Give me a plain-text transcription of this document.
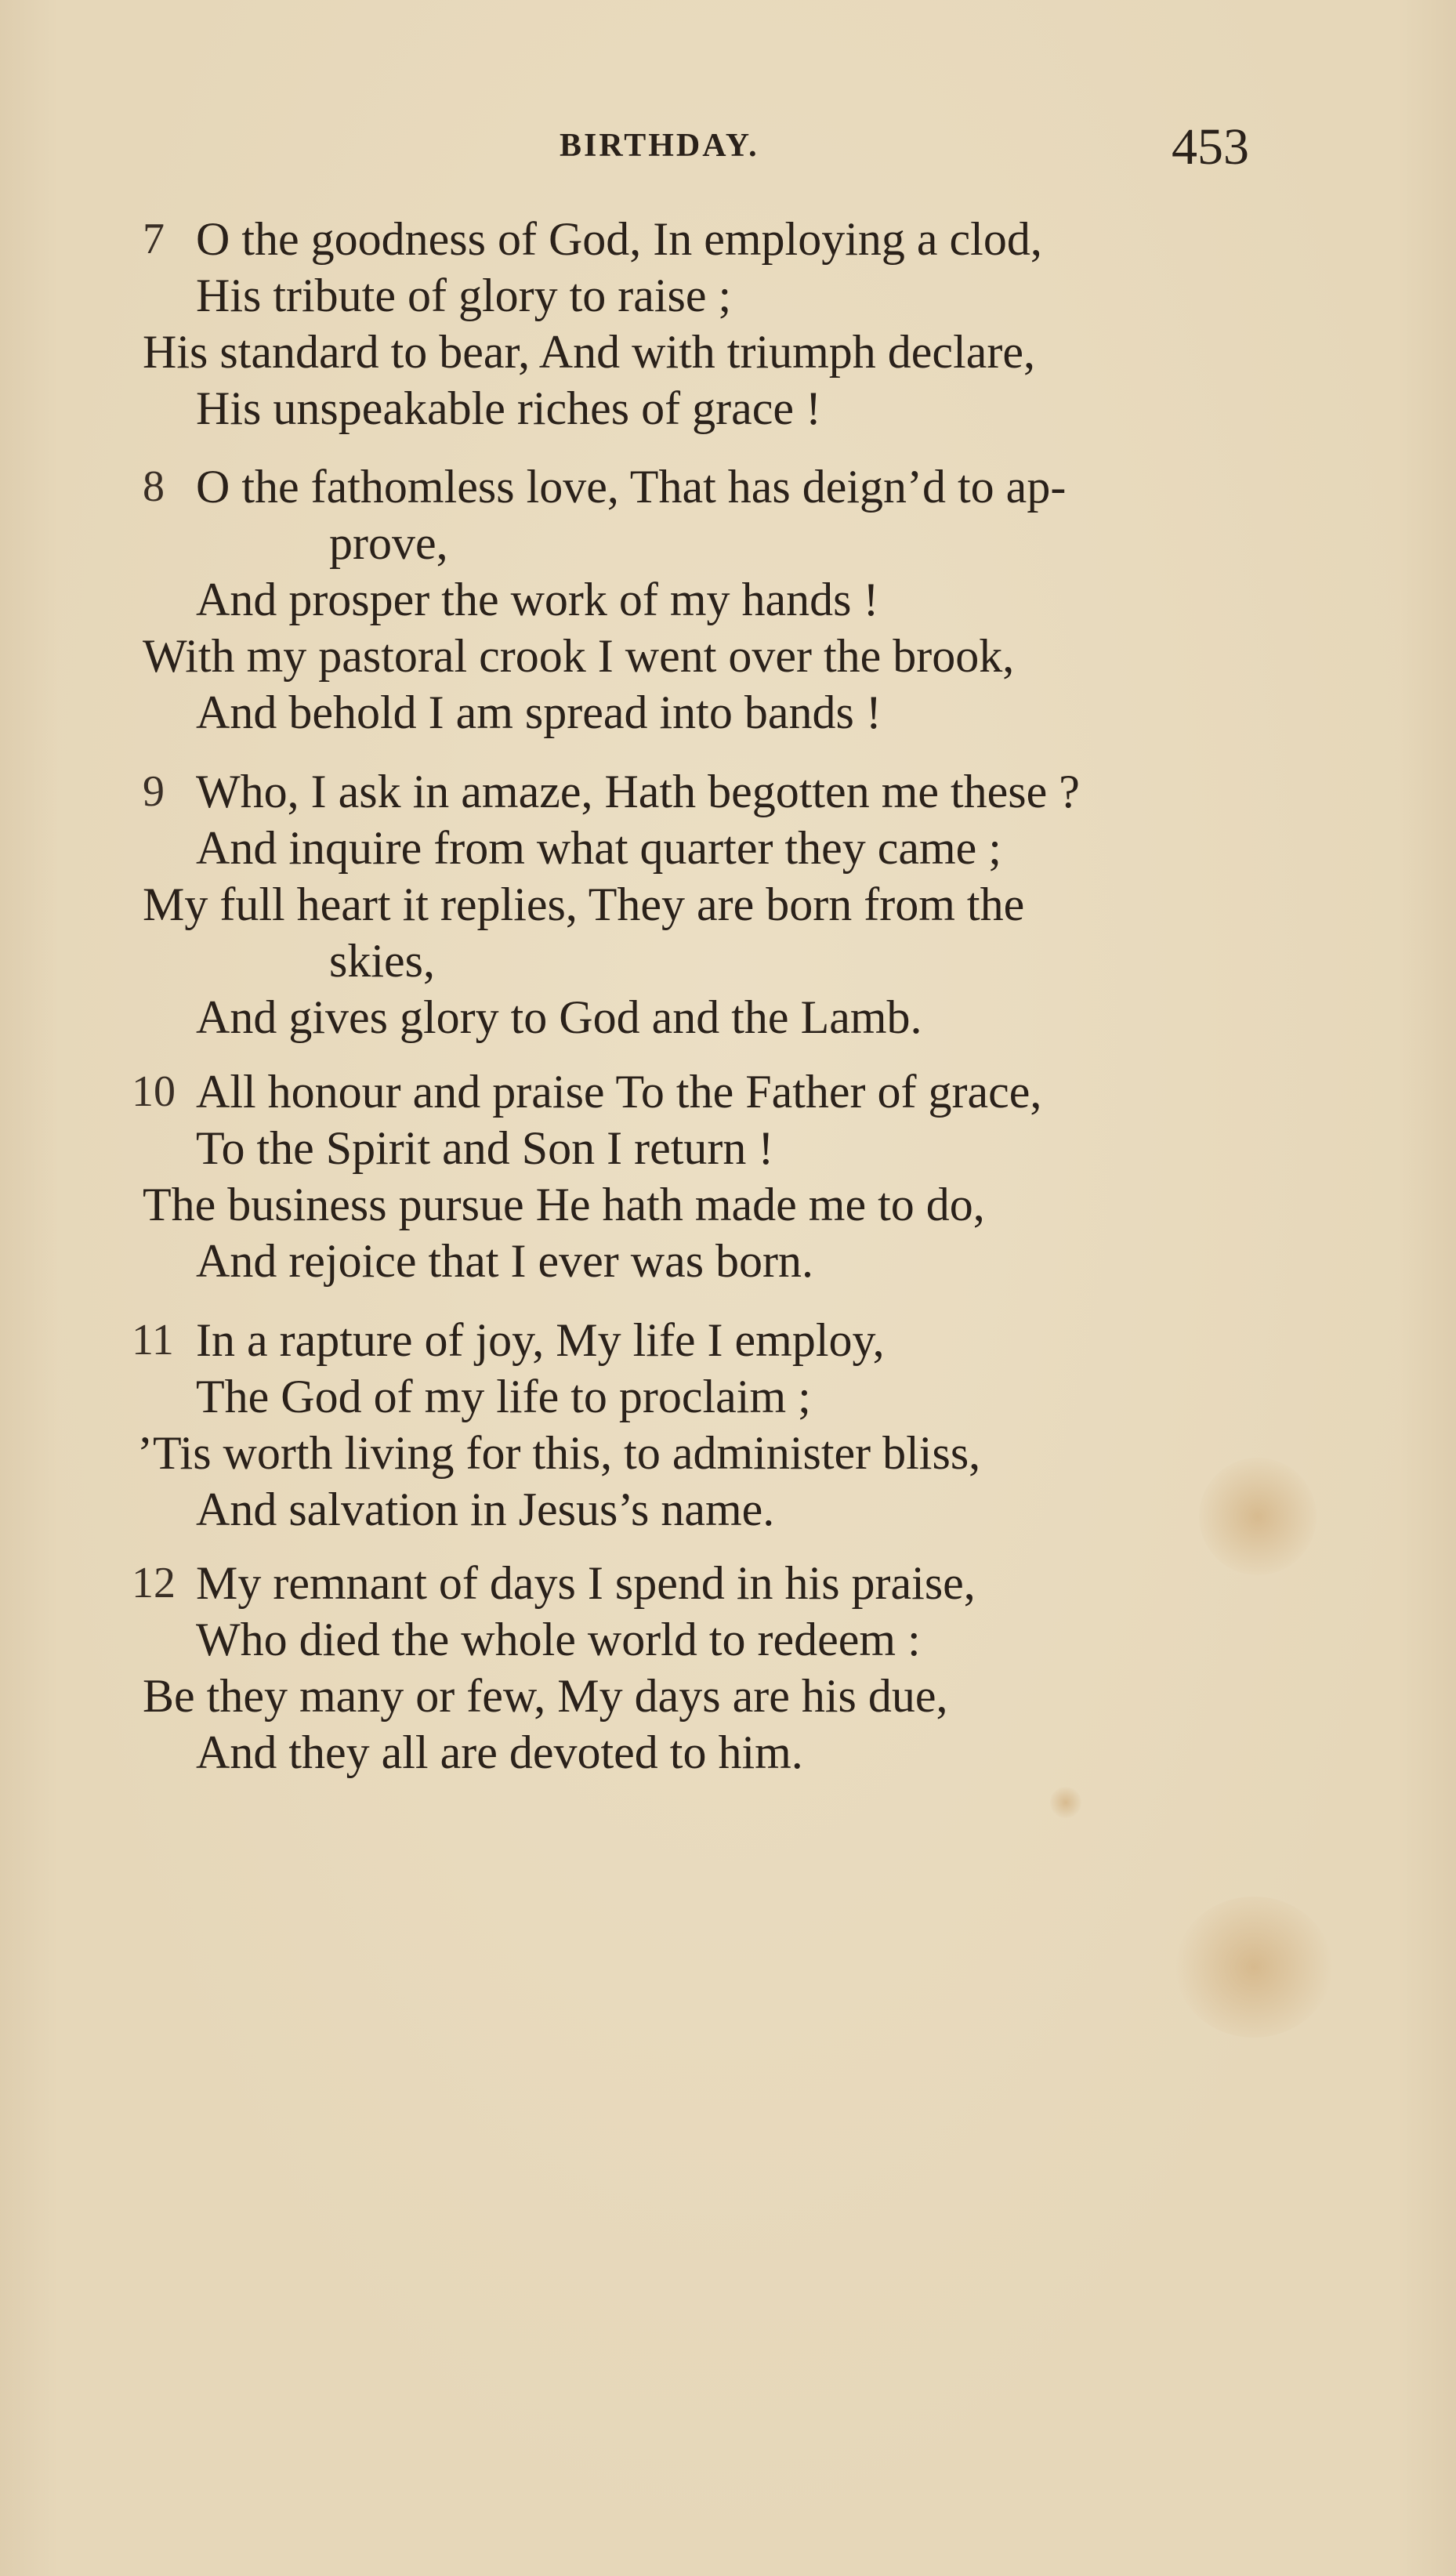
BIRTHDAY.	453
7 O the goodness of God, In employing a clod,
His tribute of glory to raise ;
His standard to bear, And with triumph declare,
His unspeakable riches of grace !
8 O the fathomless love, That has deign’d to ap-
prove,
And prosper the work of my hands !
With my pastoral crook I went over the brook,
And behold I am spread into bands !
9 Who, I ask in amaze, Hath begotten me these ?
And inquire from what quarter they came ;
My full heart it replies, They are born from the
skies,
And gives glory to God and the Lamb.
10 All honour and praise To the Father of grace,
To the Spirit and Son I return !
The business pursue He hath made me to do,
And rejoice that I ever was born.
11 In a rapture of joy, My life I employ,
The God of my life to proclaim ;
’Tis worth living for this, to administer bliss,
And salvation in Jesus’s name.
12 My remnant of days I spend in his praise,
Who died the whole world to redeem :
Be they many or few, My days are his due,
And they all are devoted to him.
